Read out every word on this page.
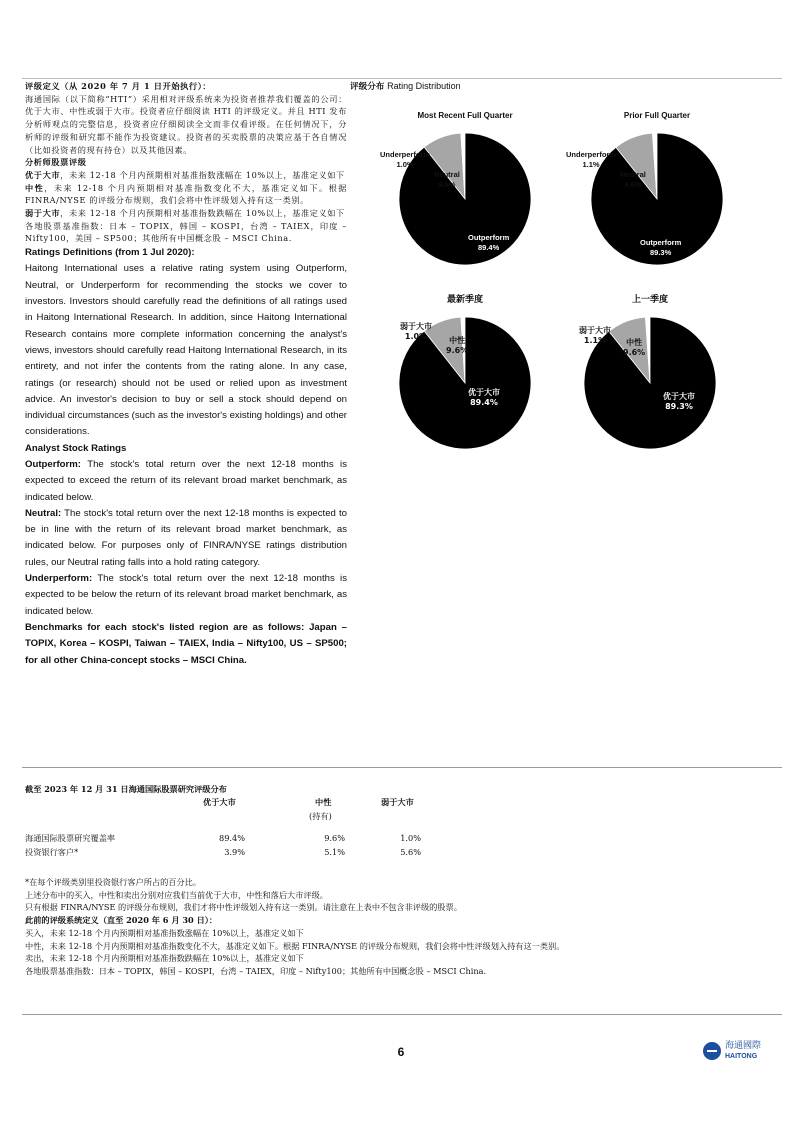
评级定义（从 2020 年 7 月 1 日开始执行）：

海通国际（以下简称“HTI”）采用相对评级系统来为投资者推荐我们覆盖的公司：优于大市、中性或弱于大市。投资者应仔细阅读 HTI 的评级定义。并且 HTI 发布分析师观点的完整信息，投资者应仔细阅读全文而非仅看评级。在任何情况下，分析师的评级和研究都不能作为投资建议。投资者的买卖股票的决策应基于各自情况（比如投资者的现有持仓）以及其他因素。

分析师股票评级

优于大市，未来 12-18 个月内预期相对基准指数涨幅在 10%以上，基准定义如下

中性，未来 12-18 个月内预期相对基准指数变化不大，基准定义如下。根据 FINRA/NYSE 的评级分布规则，我们会将中性评级划入持有这一类别。

弱于大市，未来 12-18 个月内预期相对基准指数跌幅在 10%以上，基准定义如下

各地股票基准指数：日本 – TOPIX，韩国 – KOSPI，台湾 – TAIEX，印度 – Nifty100，美国 – SP500；其他所有中国概念股 – MSCI China.

Ratings Definitions (from 1 Jul 2020):

Haitong International uses a relative rating system using Outperform, Neutral, or Underperform for recommending the stocks we cover to investors. Investors should carefully read the definitions of all ratings used in Haitong International Research. In addition, since Haitong International Research contains more complete information concerning the analyst's views, investors should carefully read Haitong International Research, in its entirety, and not infer the contents from the rating alone. In any case, ratings (or research) should not be used or relied upon as investment advice. An investor's decision to buy or sell a stock should depend on individual circumstances (such as the investor's existing holdings) and other considerations.

Analyst Stock Ratings

Outperform: The stock's total return over the next 12-18 months is expected to exceed the return of its relevant broad market benchmark, as indicated below.

Neutral: The stock's total return over the next 12-18 months is expected to be in line with the return of its relevant broad market benchmark, as indicated below. For purposes only of FINRA/NYSE ratings distribution rules, our Neutral rating falls into a hold rating category.

Underperform: The stock's total return over the next 12-18 months is expected to be below the return of its relevant broad market benchmark, as indicated below.

Benchmarks for each stock's listed region are as follows: Japan – TOPIX, Korea – KOSPI, Taiwan – TAIEX, India – Nifty100, US – SP500; for all other China-concept stocks – MSCI China.

评级分布 Rating Distribution
Most Recent Full Quarter
Underperform
1.0%
Neutral
9.6%
Outperform
89.4%
Prior Full Quarter
Underperform
1.1%
Neutral
9.6%
Outperform
89.3%
最新季度
弱于大市
1.0%	中性
9.6%
优于大市
89.4%
上一季度
弱于大市
1.1%	中性
9.6%
优于大市
89.3%
截至 2023 年 12 月 31 日海通国际股票研究评级分布
优于大市	中性	弱于大市
(持有)
海通国际股票研究覆盖率	89.4%	9.6%	1.0%
投资银行客户*	3.9%	5.1%	5.6%

*在每个评级类别里投资银行客户所占的百分比。

上述分布中的买入，中性和卖出分别对应我们当前优于大市，中性和落后大市评级。

只有根据 FINRA/NYSE 的评级分布规则，我们才将中性评级划入持有这一类别。请注意在上表中不包含非评级的股票。

此前的评级系统定义（直至 2020 年 6 月 30 日）：

买入，未来 12-18 个月内预期相对基准指数涨幅在 10%以上，基准定义如下

中性，未来 12-18 个月内预期相对基准指数变化不大，基准定义如下。根据 FINRA/NYSE 的评级分布规则，我们会将中性评级划入持有这一类别。

卖出，未来 12-18 个月内预期相对基准指数跌幅在 10%以上，基准定义如下

各地股票基准指数：日本 – TOPIX，韩国 – KOSPI，台湾 – TAIEX，印度 – Nifty100；其他所有中国概念股 – MSCI China.

6	海通國際
HAITONG
